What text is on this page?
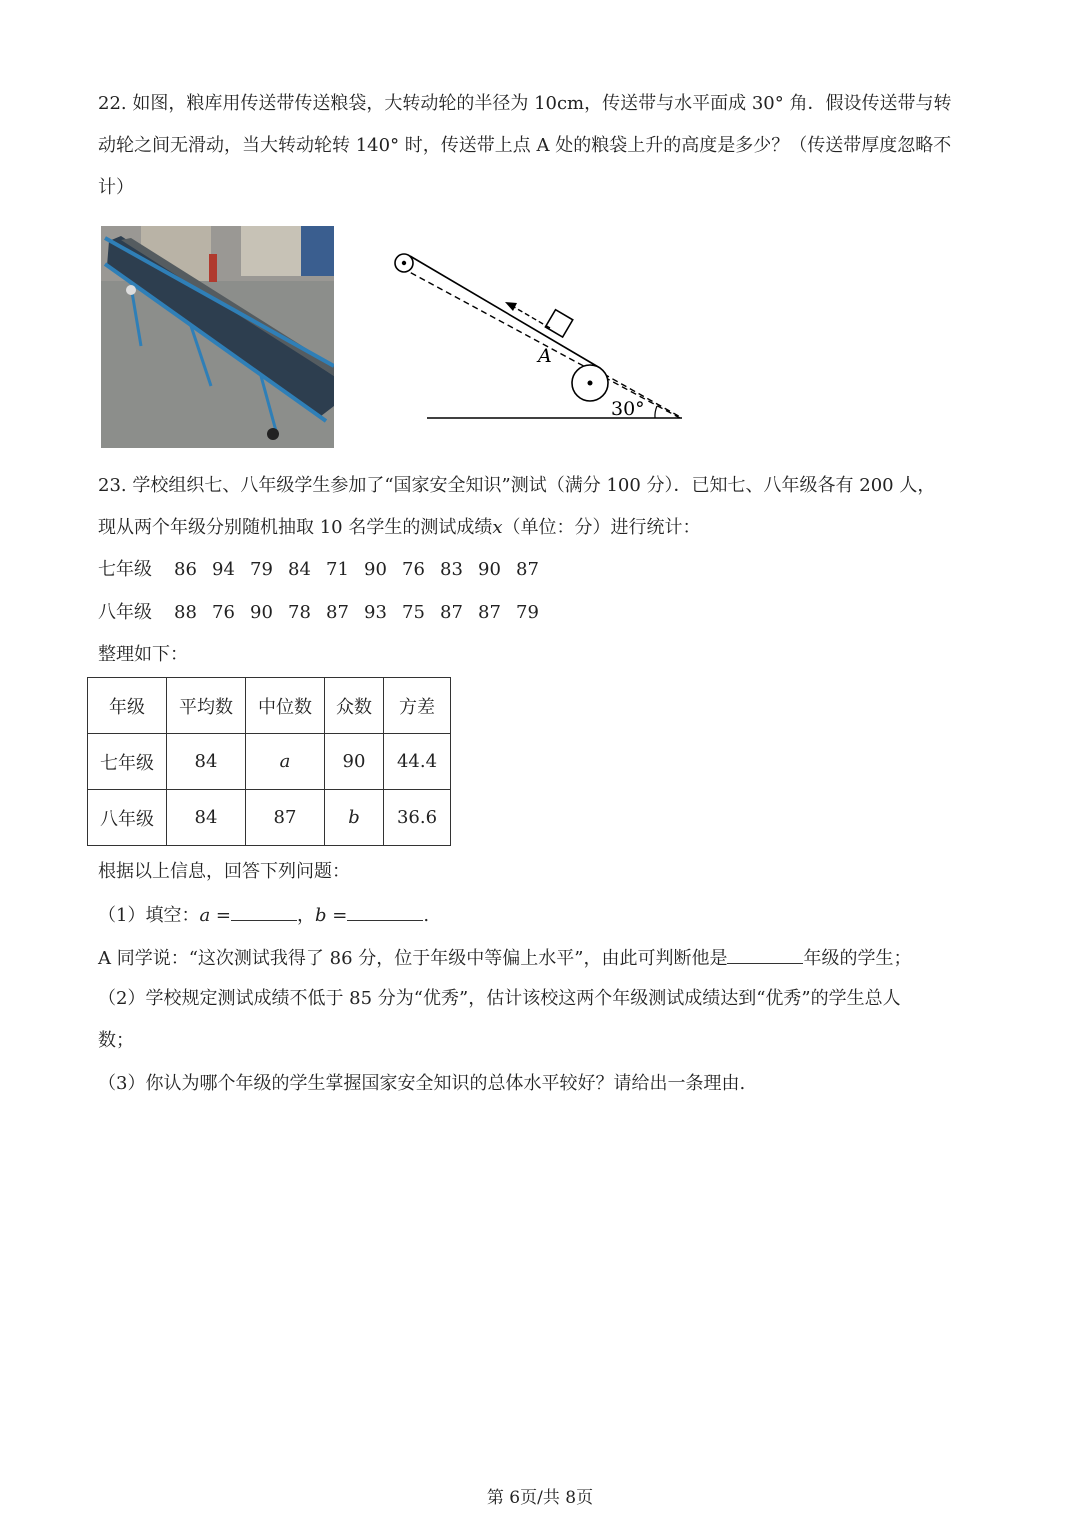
22. 如图，粮库用传送带传送粮袋，大转动轮的半径为 10cm，传送带与水平面成 30° 角．假设传送带与转
动轮之间无滑动，当大转动轮转 140° 时，传送带上点 A 处的粮袋上升的高度是多少？（传送带厚度忽略不
计）
A
30°
23. 学校组织七、八年级学生参加了“国家安全知识”测试（满分 100 分）．已知七、八年级各有 200 人，
现从两个年级分别随机抽取 10 名学生的测试成绩x（单位：分）进行统计：
七年级	86 94 79 84 71 90 76 83 90 87
八年级	88 76 90 78 87 93 75 87 87 79
整理如下：
年级	平均数	中位数	众数	方差
七年级	84	a	90	44.4
八年级	84	87	b	36.6
根据以上信息，回答下列问题：
（1）填空：a =	，b =	.
A 同学说：“这次测试我得了 86 分，位于年级中等偏上水平”，由此可判断他是	年级的学生；
（2）学校规定测试成绩不低于 85 分为“优秀”，估计该校这两个年级测试成绩达到“优秀”的学生总人
数；
（3）你认为哪个年级的学生掌握国家安全知识的总体水平较好？请给出一条理由.
第 6页/共 8页
